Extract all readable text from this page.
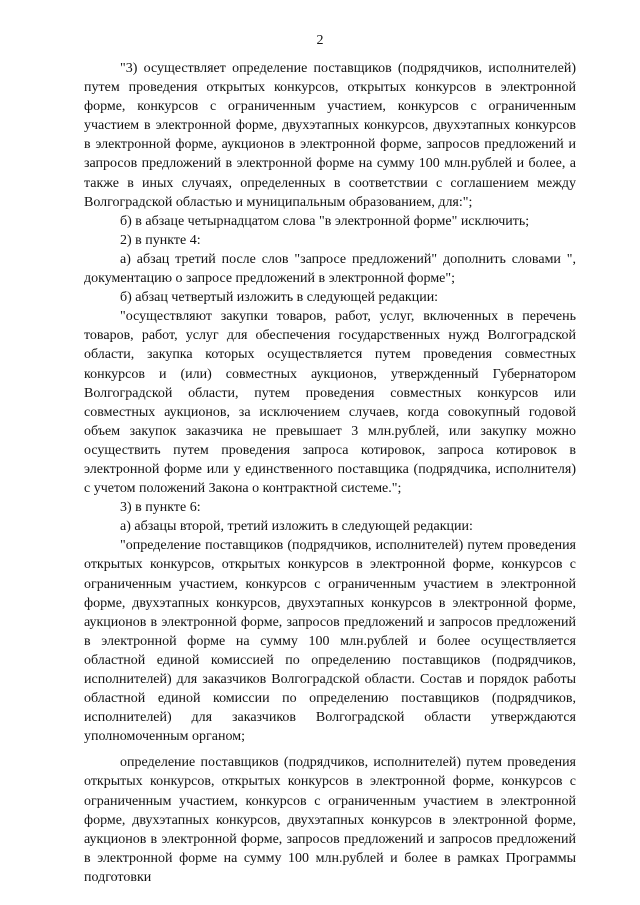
2

"3) осуществляет определение поставщиков (подрядчиков, исполнителей) путем проведения открытых конкурсов, открытых конкурсов в электронной форме, конкурсов с ограниченным участием, конкурсов с ограниченным участием в электронной форме, двухэтапных конкурсов, двухэтапных конкурсов в электронной форме, аукционов в электронной форме, запросов предложений и запросов предложений в электронной форме на сумму 100 млн.рублей и более, а также в иных случаях, определенных в соответствии с соглашением между Волгоградской областью и муниципальным образованием, для:";

б) в абзаце четырнадцатом слова "в электронной форме" исключить;

2) в пункте 4:

а) абзац третий после слов "запросе предложений" дополнить словами ", документацию о запросе предложений в электронной форме";

б) абзац четвертый изложить в следующей редакции:

"осуществляют закупки товаров, работ, услуг, включенных в перечень товаров, работ, услуг для обеспечения государственных нужд Волгоградской области, закупка которых осуществляется путем проведения совместных конкурсов и (или) совместных аукционов, утвержденный Губернатором Волгоградской области, путем проведения совместных конкурсов или совместных аукционов, за исключением случаев, когда совокупный годовой объем закупок заказчика не превышает 3 млн.рублей, или закупку можно осуществить путем проведения запроса котировок, запроса котировок в электронной форме или у единственного поставщика (подрядчика, исполнителя) с учетом положений Закона о контрактной системе.";

3) в пункте 6:

а) абзацы второй, третий изложить в следующей редакции:

"определение поставщиков (подрядчиков, исполнителей) путем проведения открытых конкурсов, открытых конкурсов в электронной форме, конкурсов с ограниченным участием, конкурсов с ограниченным участием в электронной форме, двухэтапных конкурсов, двухэтапных конкурсов в электронной форме, аукционов в электронной форме, запросов предложений и запросов предложений в электронной форме на сумму 100 млн.рублей и более осуществляется областной единой комиссией по определению поставщиков (подрядчиков, исполнителей) для заказчиков Волгоградской области. Состав и порядок работы областной единой комиссии по определению поставщиков (подрядчиков, исполнителей) для заказчиков Волгоградской области утверждаются уполномоченным органом;

определение поставщиков (подрядчиков, исполнителей) путем проведения открытых конкурсов, открытых конкурсов в электронной форме, конкурсов с ограниченным участием, конкурсов с ограниченным участием в электронной форме, двухэтапных конкурсов, двухэтапных конкурсов в электронной форме, аукционов в электронной форме, запросов предложений и запросов предложений в электронной форме на сумму 100 млн.рублей и более в рамках Программы подготовки
